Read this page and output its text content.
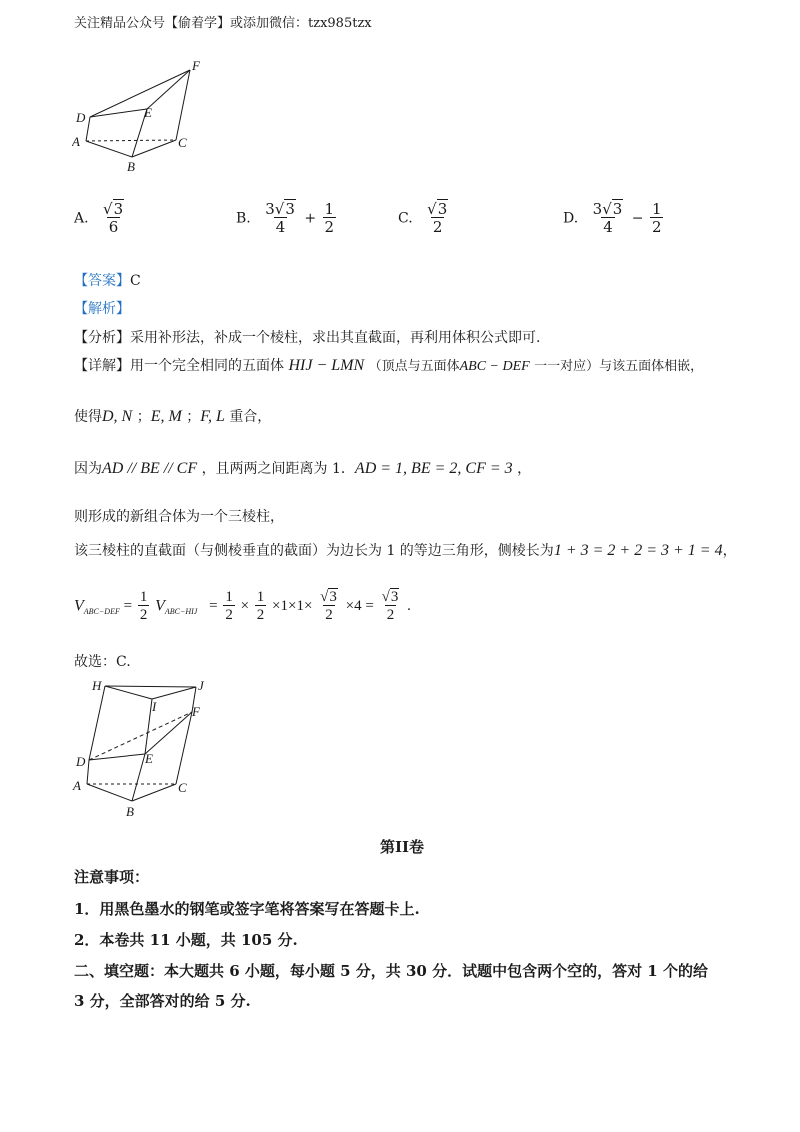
关注精品公众号【偷着学】或添加微信：tzx985tzx
F
D	E
A	C
B
A. $\frac{√3}{6}$	B. $\frac{3√3}{4} + \frac{1}{2}$	C. $\frac{√3}{2}$	D. $\frac{3√3}{4} - \frac{1}{2}$
【答案】C
【解析】
【分析】采用补形法，补成一个棱柱，求出其直截面，再利用体积公式即可.
【详解】用一个完全相同的五面体 HIJ − LMN （顶点与五面体ABC − DEF 一一对应）与该五面体相嵌，
使得D, N ；E, M ；F, L 重合，
因为AD // BE // CF ，且两两之间距离为 1．AD = 1, BE = 2, CF = 3 ，
则形成的新组合体为一个三棱柱，
该三棱柱的直截面（与侧棱垂直的截面）为边长为 1 的等边三角形，侧棱长为1 + 3 = 2 + 2 = 3 + 1 = 4，
$V_{ABC-DEF} = \frac{1}{2} V_{ABC-HIJ} = \frac{1}{2} \times \frac{1}{2} \times 1\times 1\times \frac{√3}{2} \times 4 = \frac{√3}{2}$ .
故选：C.
H	J
I	F
D	E
A	C
B
第II卷
注意事项：
1．用黑色墨水的钢笔或签字笔将答案写在答题卡上.
2．本卷共 11 小题，共 105 分.
二、填空题：本大题共 6 小题，每小题 5 分，共 30 分．试题中包含两个空的，答对 1 个的给
3 分，全部答对的给 5 分.
